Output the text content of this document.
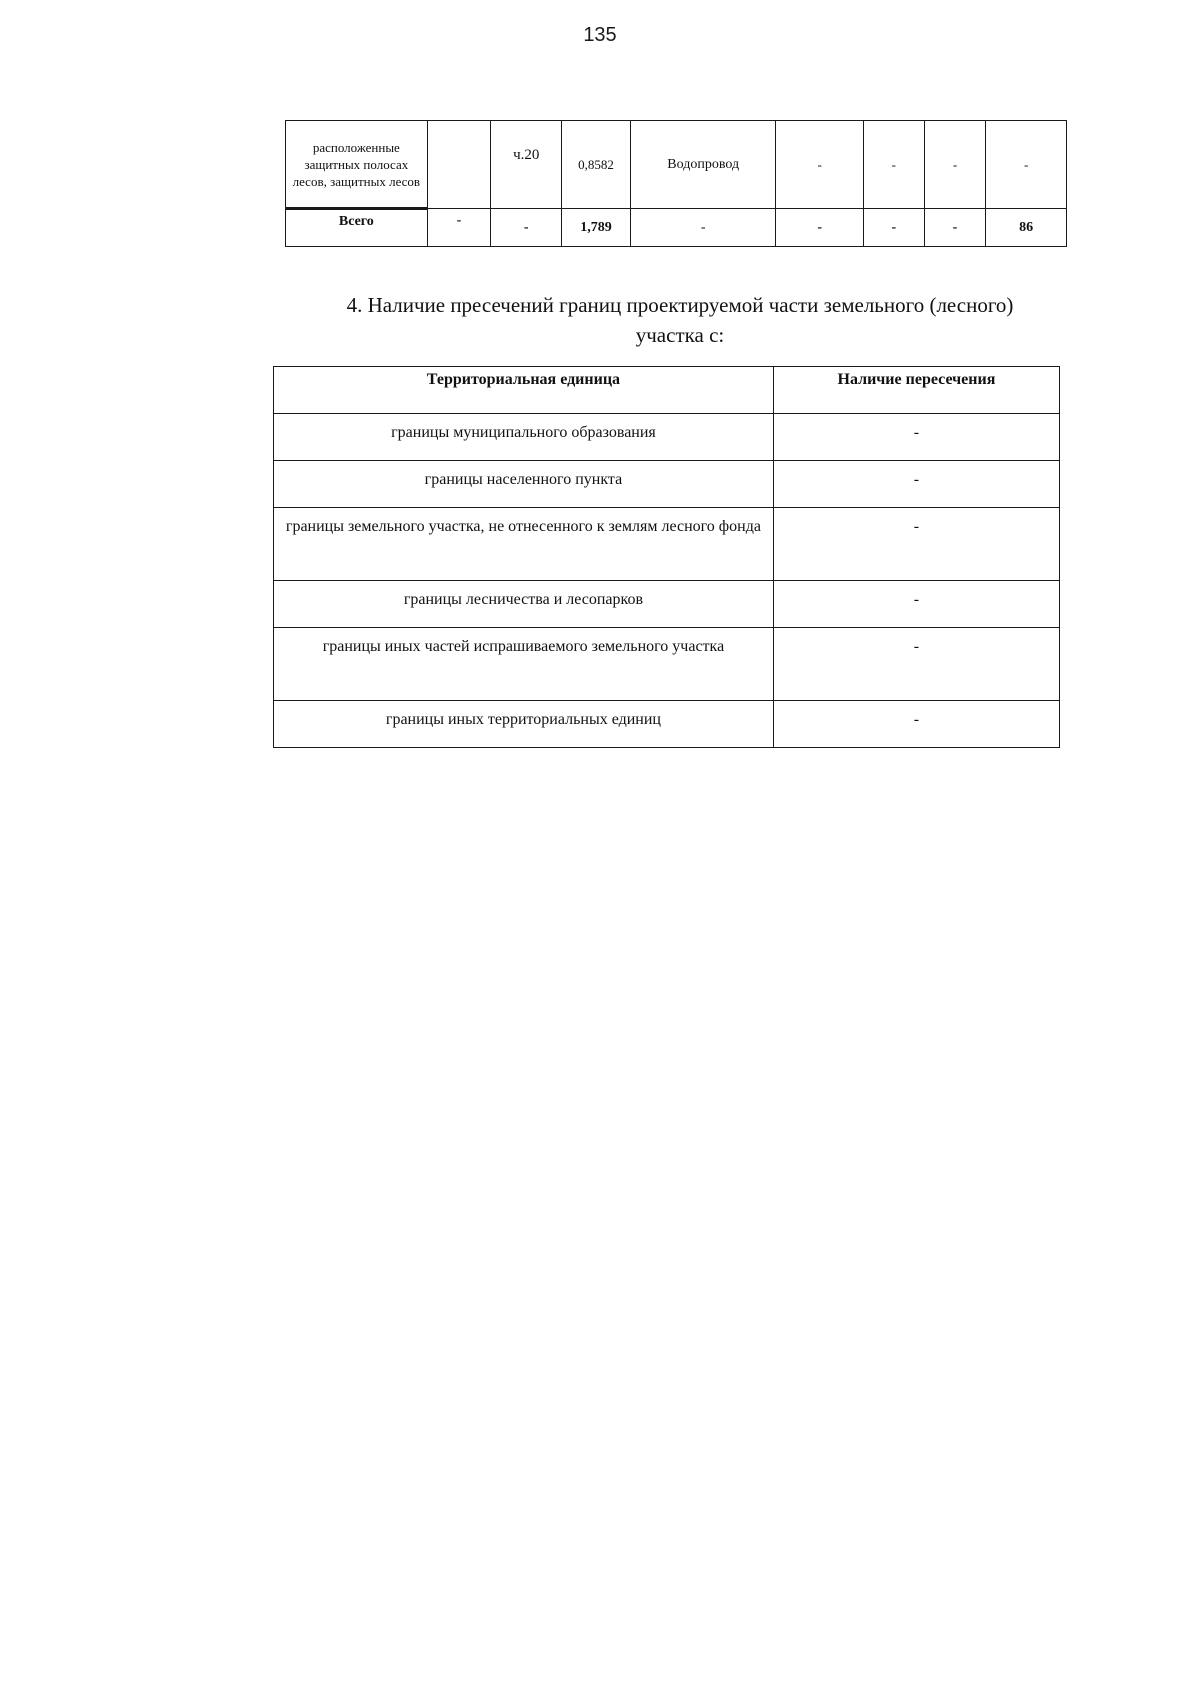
135
расположенные защитных полосах лесов, защитных лесов		ч.20	0,8582	Водопровод	-	-	-	-
Всего	-	-	1,789	-	-	-	-	86
4. Наличие пресечений границ проектируемой части земельного (лесного)
участка с:
Территориальная единица	Наличие пересечения
границы муниципального образования	-
границы населенного пункта	-
границы земельного участка, не отнесенного к землям лесного фонда	-
границы лесничества и лесопарков	-
границы иных частей испрашиваемого земельного участка	-
границы иных территориальных единиц	-
